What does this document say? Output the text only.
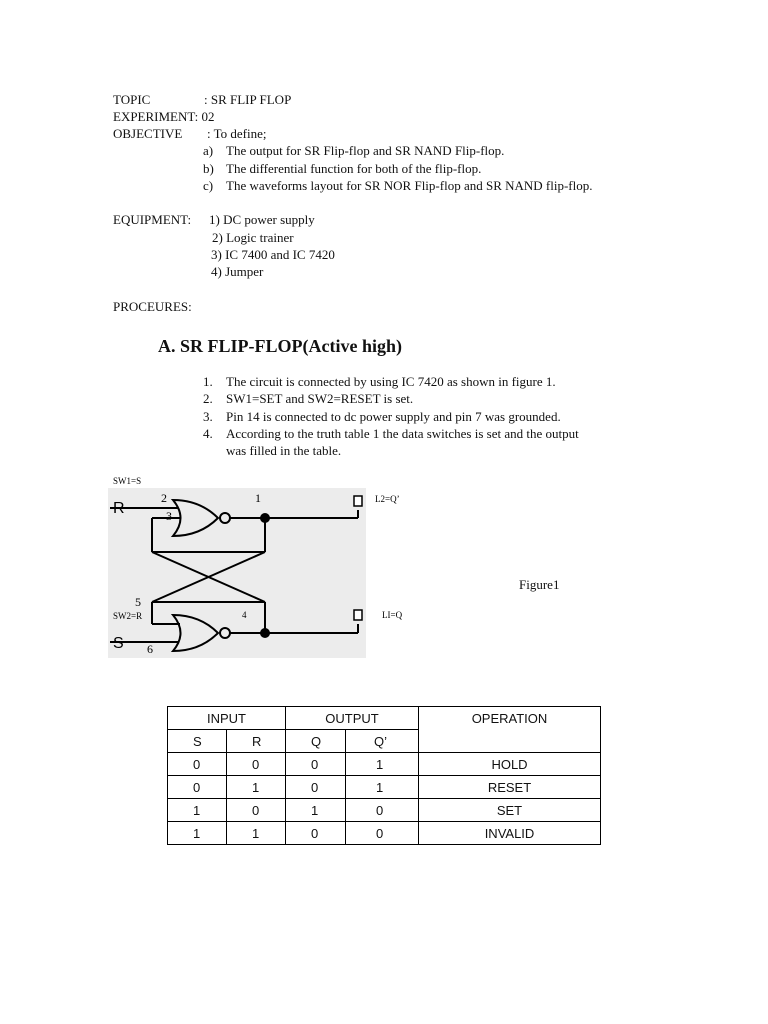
TOPIC	: SR FLIP FLOP
EXPERIMENT: 02
OBJECTIVE : To define;
a) The output for SR Flip-flop and SR NAND Flip-flop.
b) The differential function for both of the flip-flop.
c) The waveforms layout for SR NOR Flip-flop and SR NAND flip-flop.
EQUIPMENT: 1) DC power supply
2) Logic trainer
3) IC 7400 and IC 7420
4) Jumper
PROCEURES:
A. SR FLIP-FLOP(Active high)
1. The circuit is connected by using IC 7420 as shown in figure 1.
2. SW1=SET and SW2=RESET is set.
3. Pin 14 is connected to dc power supply and pin 7 was grounded.
4. According to the truth table 1 the data switches is set and the output
was filled in the table.
SW1=S
R
2
3
1
5
SW2=R
S 6
4
L2=Q’
LI=Q
Figure1
INPUT		OUTPUT		OPERATION
S	R	Q	Q’	
0	0	0	1	HOLD
0	1	0	1	RESET
1	0	1	0	SET
1	1	0	0	INVALID
